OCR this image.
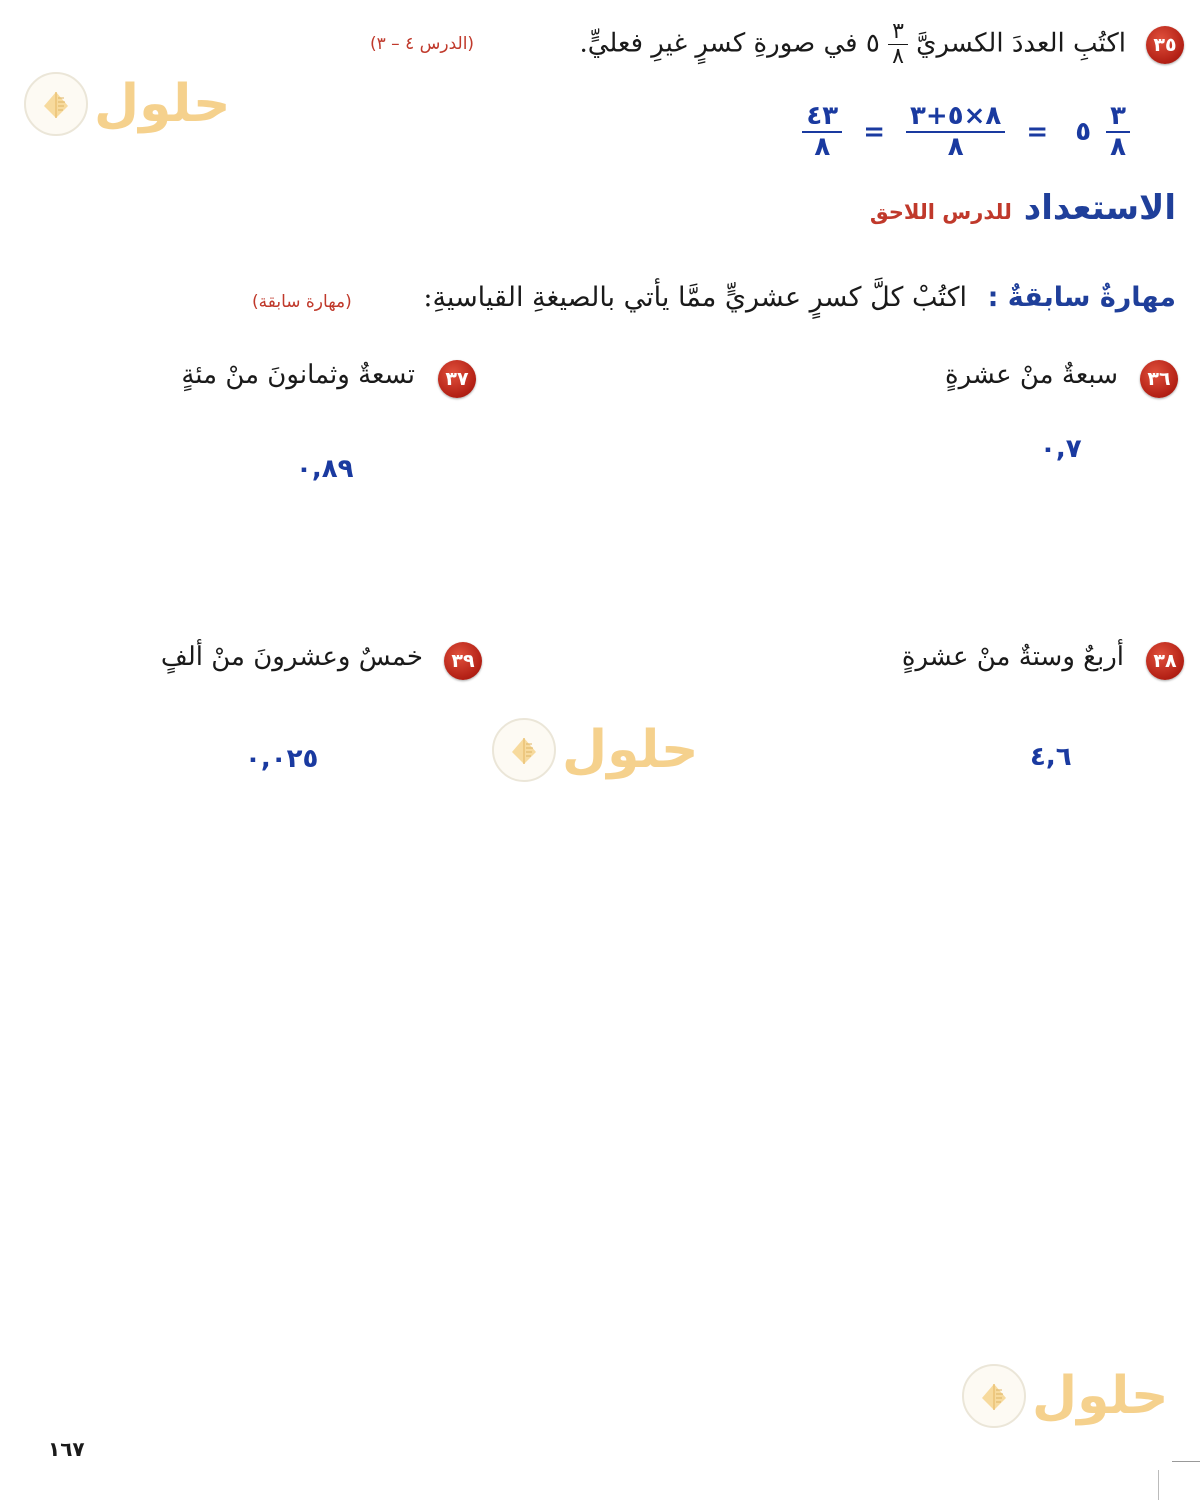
٣٥
اكتُبِ العددَ الكسريَّ
$\frac{٣}{٨}$
٥ في صورةِ كسرٍ غيرِ فعليٍّ.
(الدرس ٤ – ٣)
$\frac{٣}{٨}$
٥ =
$\frac{٨\times ٥+٣}{٨}$
=
$\frac{٤٣}{٨}$
الاستعداد للدرس اللاحق
مهارةٌ سابقةٌ : اكتُبْ كلَّ كسرٍ عشريٍّ ممَّا يأتي بالصيغةِ القياسيةِ:
(مهارة سابقة)
٣٦
سبعةٌ منْ عشرةٍ
٠,٧
٣٧
تسعةٌ وثمانونَ منْ مئةٍ
٠,٨٩
٣٨
أربعٌ وستةٌ منْ عشرةٍ
٤,٦
٣٩
خمسٌ وعشرونَ منْ ألفٍ
٠,٠٢٥
حلول
حلول
حلول
١٦٧
